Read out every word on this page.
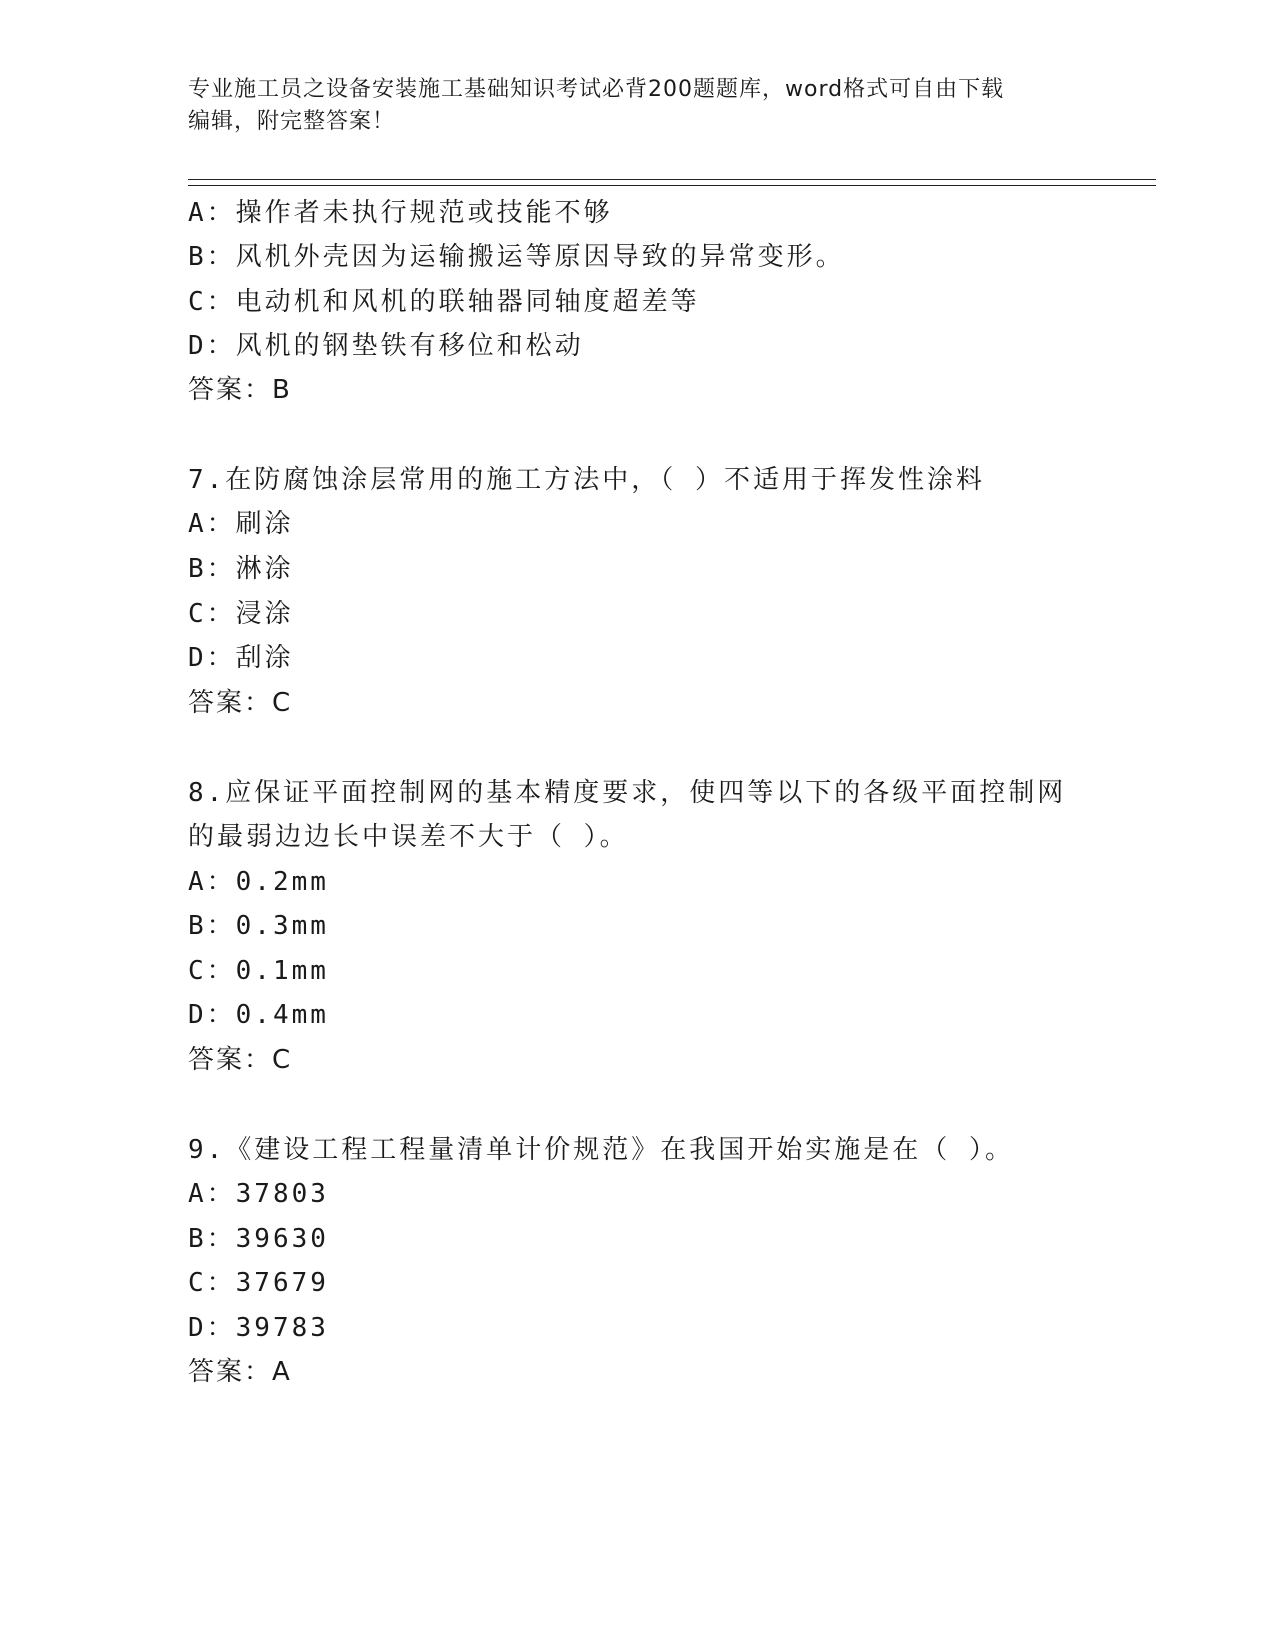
专业施工员之设备安装施工基础知识考试必背200题题库，word格式可自由下载
编辑，附完整答案！
A：操作者未执行规范或技能不够
B：风机外壳因为运输搬运等原因导致的异常变形。
C：电动机和风机的联轴器同轴度超差等
D：风机的钢垫铁有移位和松动
答案：B
7.在防腐蚀涂层常用的施工方法中，（ ）不适用于挥发性涂料
A：刷涂
B：淋涂
C：浸涂
D：刮涂
答案：C
8.应保证平面控制网的基本精度要求，使四等以下的各级平面控制网
的最弱边边长中误差不大于（ ）。
A：0.2mm
B：0.3mm
C：0.1mm
D：0.4mm
答案：C
9.《建设工程工程量清单计价规范》在我国开始实施是在（ ）。
A：37803
B：39630
C：37679
D：39783
答案：A
